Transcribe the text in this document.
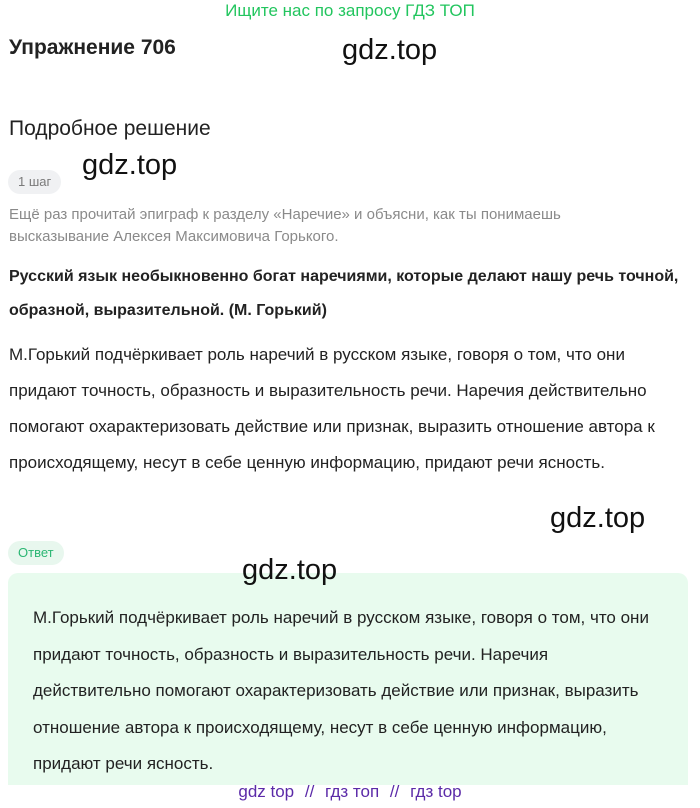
Ищите нас по запросу ГДЗ ТОП
Упражнение 706	gdz.top
gdz.top
gdz.top
Подробное решение
1 шаг
Ещё раз прочитай эпиграф к разделу «Наречие» и объясни, как ты понимаешь высказывание Алексея Максимовича Горького.
Русский язык необыкновенно богат наречиями, которые делают нашу речь точной, образной, выразительной. (М. Горький)
М.Горький подчёркивает роль наречий в русском языке, говоря о том, что они придают точность, образность и выразительность речи. Наречия действительно помогают охарактеризовать действие или признак, выразить отношение автора к происходящему, несут в себе ценную информацию, придают речи ясность.
Ответ
М.Горький подчёркивает роль наречий в русском языке, говоря о том, что они придают точность, образность и выразительность речи. Наречия действительно помогают охарактеризовать действие или признак, выразить отношение автора к происходящему, несут в себе ценную информацию, придают речи ясность.
gdz.top
gdz top // гдз топ // гдз top
